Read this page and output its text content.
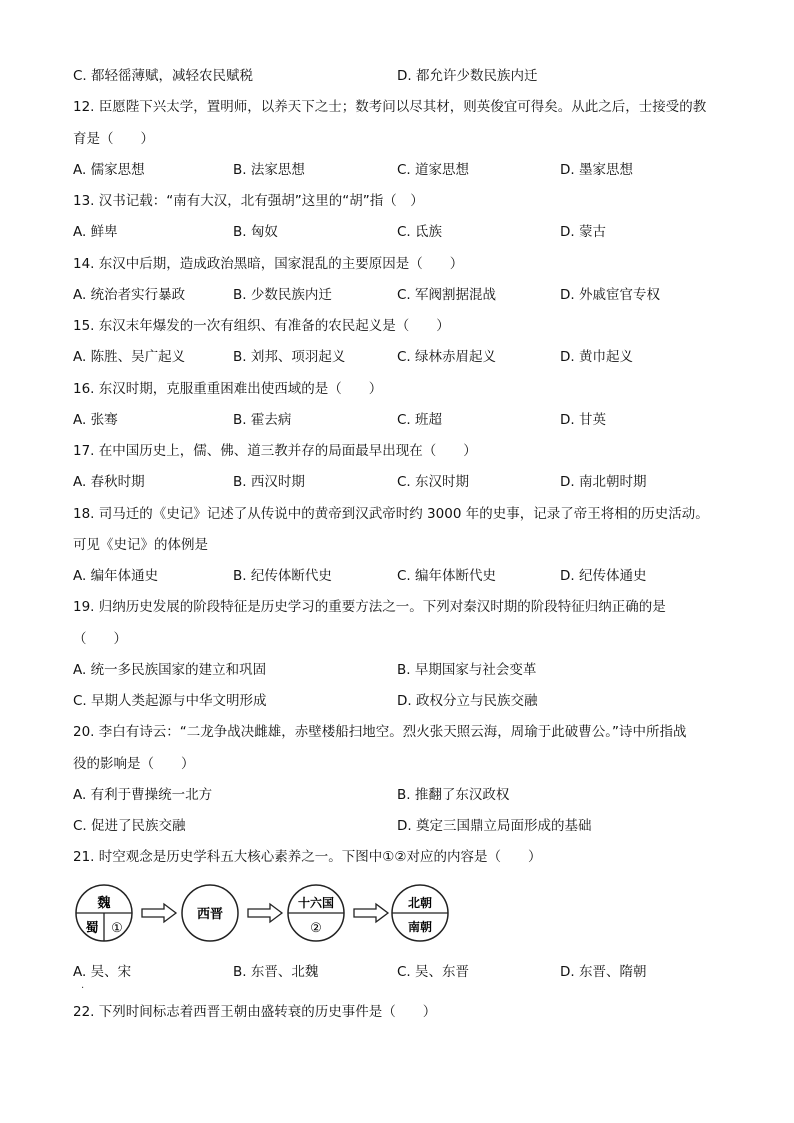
C. 都轻徭薄赋，减轻农民赋税	D. 都允许少数民族内迁
12. 臣愿陛下兴太学，置明师，以养天下之士；数考问以尽其材，则英俊宜可得矣。从此之后，士接受的教
育是（　　）
A. 儒家思想	B. 法家思想	C. 道家思想	D. 墨家思想
13. 汉书记载：“南有大汉，北有强胡”这里的“胡”指（　）
A. 鲜卑	B. 匈奴	C. 氐族	D. 蒙古
14. 东汉中后期，造成政治黑暗，国家混乱的主要原因是（　　）
A. 统治者实行暴政	B. 少数民族内迁	C. 军阀割据混战	D. 外戚宦官专权
15. 东汉末年爆发的一次有组织、有准备的农民起义是（　　）
A. 陈胜、吴广起义	B. 刘邦、项羽起义	C. 绿林赤眉起义	D. 黄巾起义
16. 东汉时期，克服重重困难出使西域的是（　　）
A. 张骞	B. 霍去病	C. 班超	D. 甘英
17. 在中国历史上，儒、佛、道三教并存的局面最早出现在（　　）
A. 春秋时期	B. 西汉时期	C. 东汉时期	D. 南北朝时期
18. 司马迁的《史记》记述了从传说中的黄帝到汉武帝时约 3000 年的史事，记录了帝王将相的历史活动。
可见《史记》的体例是
A. 编年体通史	B. 纪传体断代史	C. 编年体断代史	D. 纪传体通史
19. 归纳历史发展的阶段特征是历史学习的重要方法之一。下列对秦汉时期的阶段特征归纳正确的是
（　　）
A. 统一多民族国家的建立和巩固	B. 早期国家与社会变革
C. 早期人类起源与中华文明形成	D. 政权分立与民族交融
20. 李白有诗云：“二龙争战决雌雄，赤壁楼船扫地空。烈火张天照云海，周瑜于此破曹公。”诗中所指战
役的影响是（　　）
A. 有利于曹操统一北方	B. 推翻了东汉政权
C. 促进了民族交融	D. 奠定三国鼎立局面形成的基础
21. 时空观念是历史学科五大核心素养之一。下图中①②对应的内容是（　　）
A. 吴、宋	B. 东晋、北魏	C. 吴、东晋	D. 东晋、隋朝
22. 下列时间标志着西晋王朝由盛转衰的历史事件是（　　）
魏
蜀 ①
西晋
十六国
②
北朝
南朝
·
